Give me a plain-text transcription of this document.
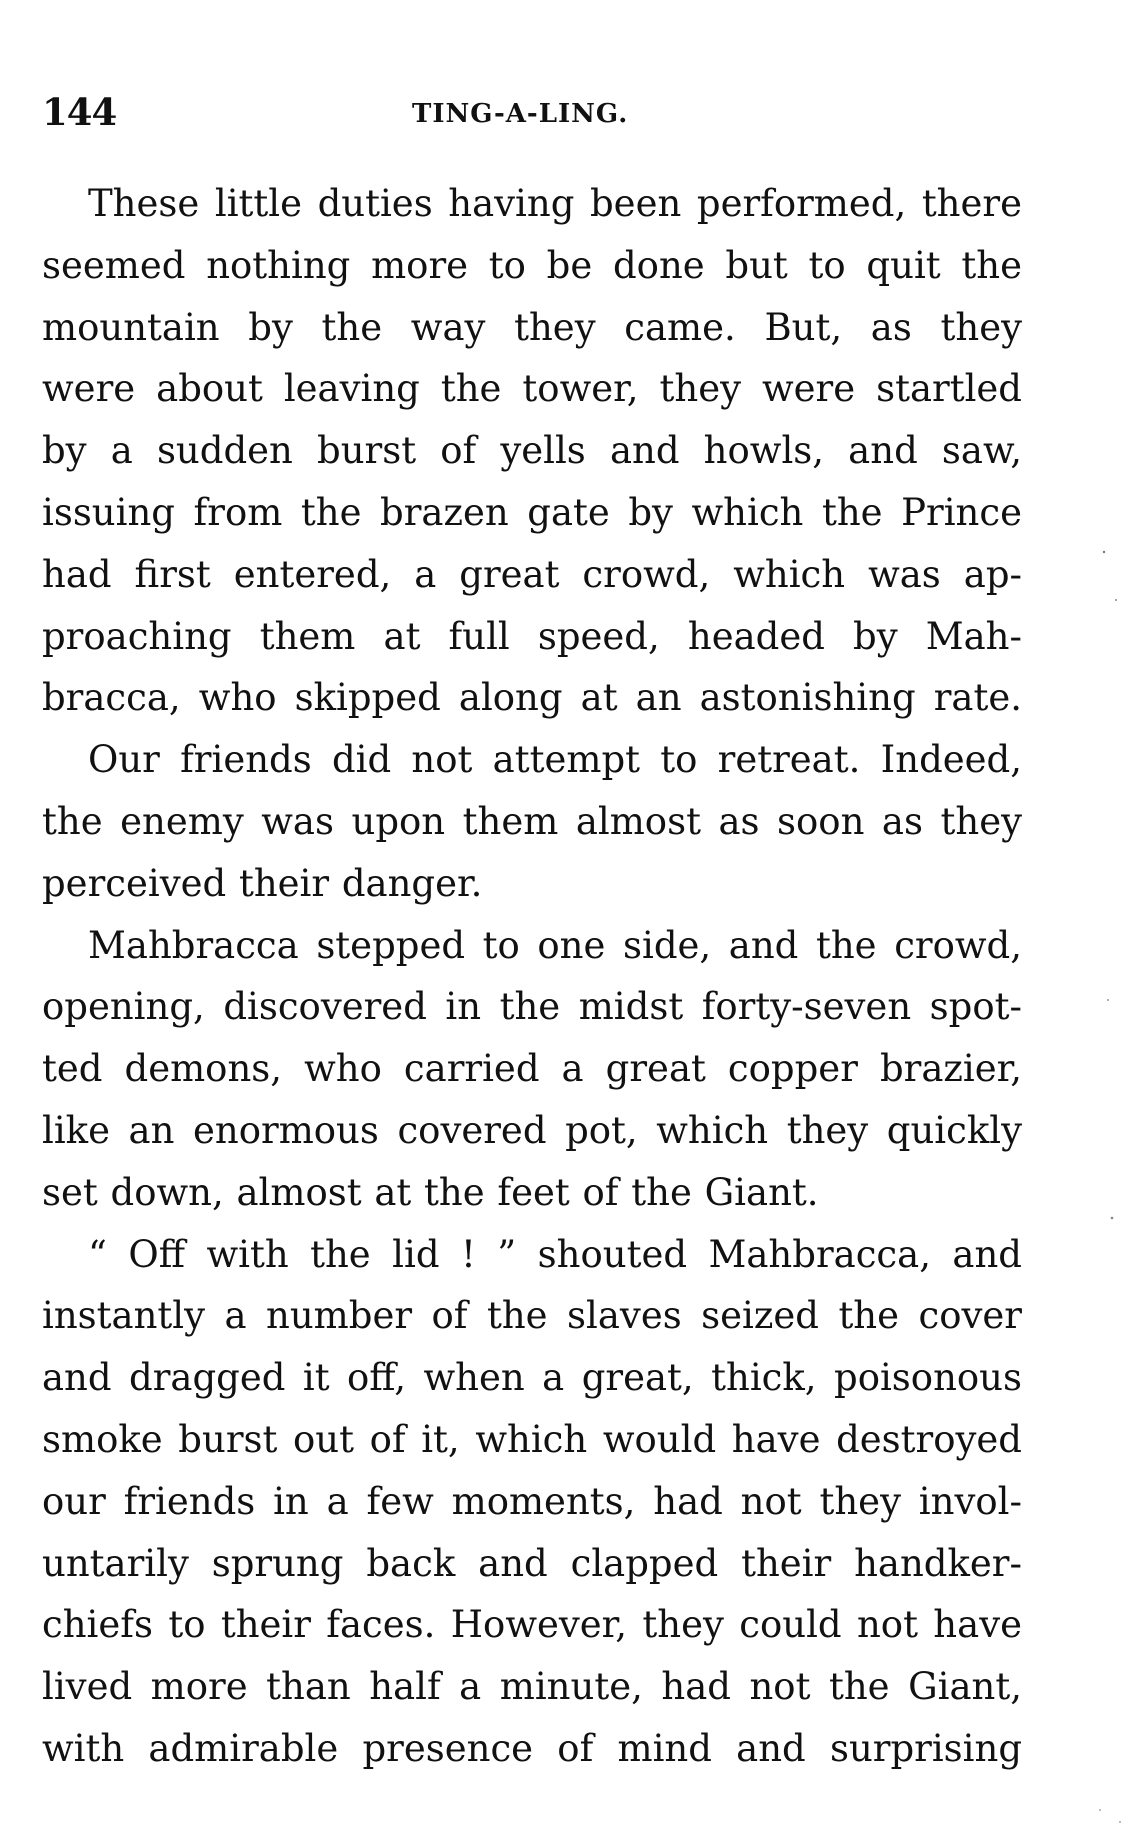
144	TING-A-LING.
These little duties having been performed, there
seemed nothing more to be done but to quit the
mountain by the way they came. But, as they
were about leaving the tower, they were startled
by a sudden burst of yells and howls, and saw,
issuing from the brazen gate by which the Prince
had first entered, a great crowd, which was ap-
proaching them at full speed, headed by Mah-
bracca, who skipped along at an astonishing rate.
Our friends did not attempt to retreat. Indeed,
the enemy was upon them almost as soon as they
perceived their danger.
Mahbracca stepped to one side, and the crowd,
opening, discovered in the midst forty-seven spot-
ted demons, who carried a great copper brazier,
like an enormous covered pot, which they quickly
set down, almost at the feet of the Giant.
“ Off with the lid ! ” shouted Mahbracca, and
instantly a number of the slaves seized the cover
and dragged it off, when a great, thick, poisonous
smoke burst out of it, which would have destroyed
our friends in a few moments, had not they invol-
untarily sprung back and clapped their handker-
chiefs to their faces. However, they could not have
lived more than half a minute, had not the Giant,
with admirable presence of mind and surprising
